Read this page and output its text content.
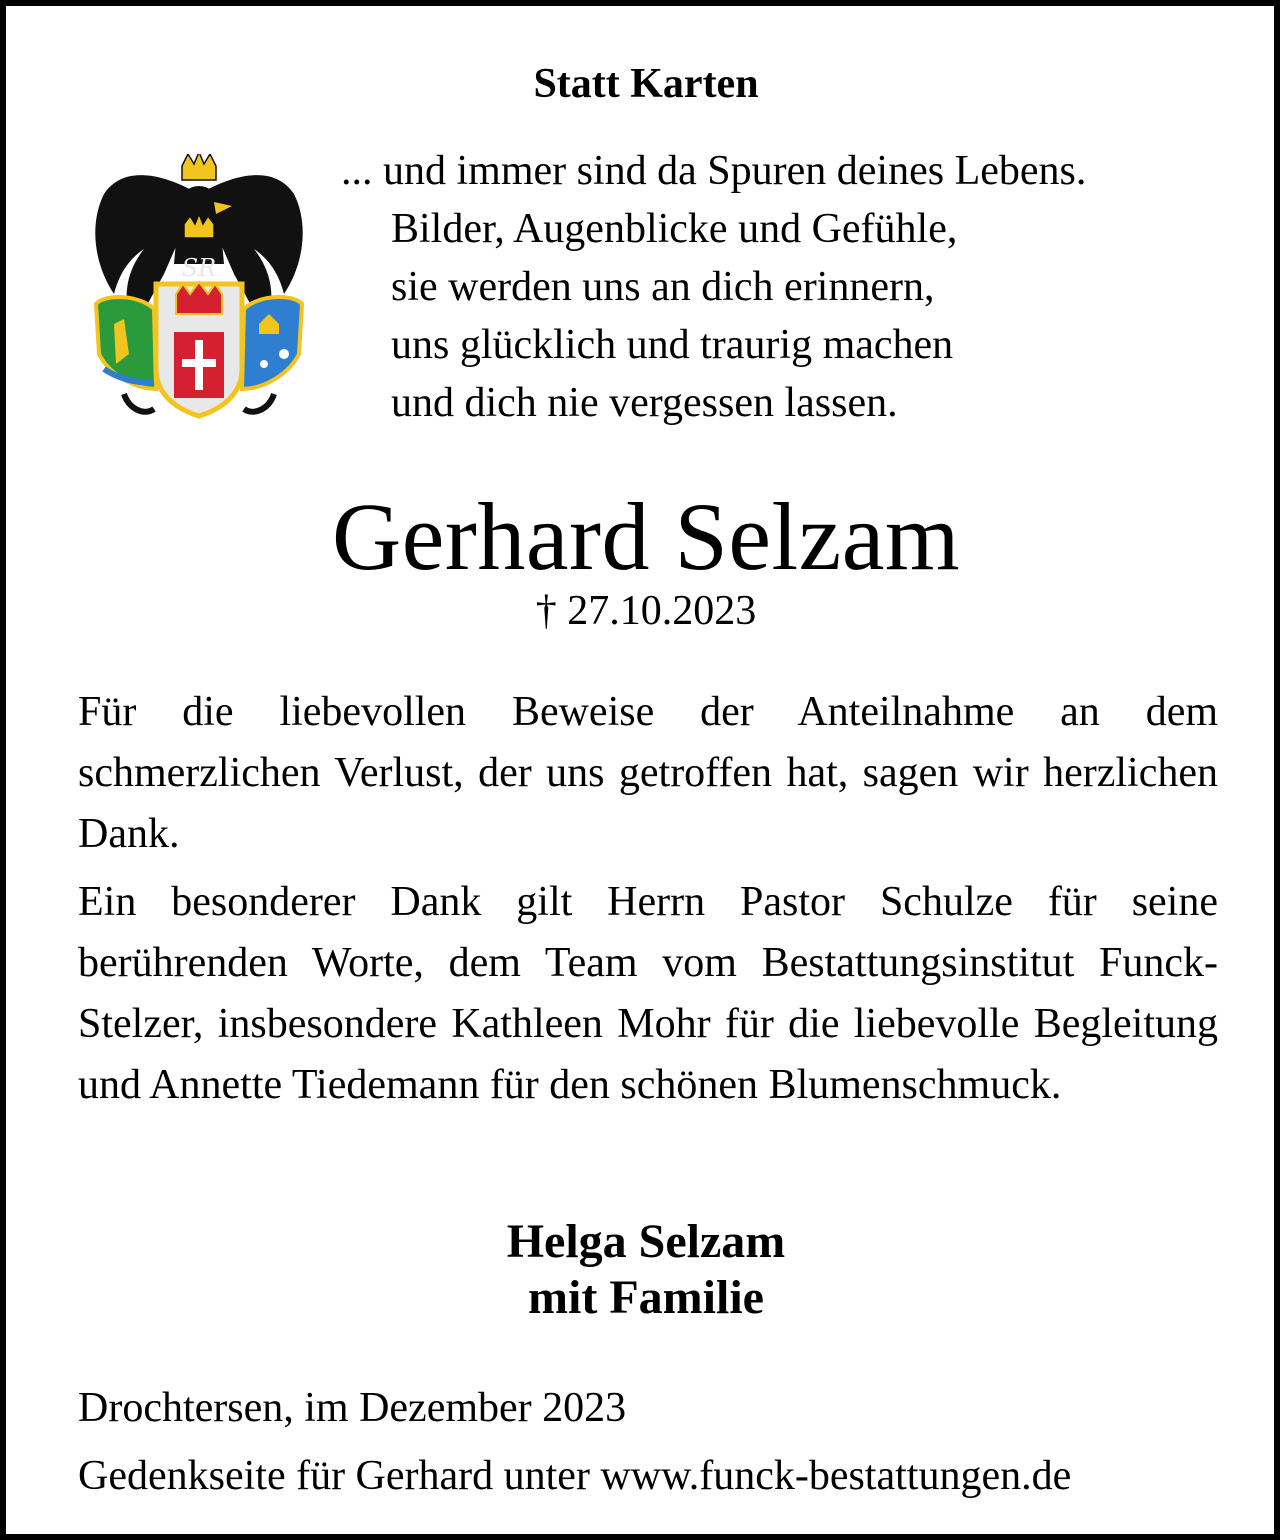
Statt Karten
SR
... und immer sind da Spuren deines Lebens.
Bilder, Augenblicke und Gefühle,
sie werden uns an dich erinnern,
uns glücklich und traurig machen
und dich nie vergessen lassen.
Gerhard Selzam
† 27.10.2023
Für die liebevollen Beweise der Anteilnahme an dem schmerzlichen Verlust, der uns getroffen hat, sagen wir herzlichen Dank.
Ein besonderer Dank gilt Herrn Pastor Schulze für seine berührenden Worte, dem Team vom Bestattungsinstitut Funck-Stelzer, insbesondere Kathleen Mohr für die liebevolle Begleitung und Annette Tiedemann für den schönen Blumenschmuck.
Helga Selzam
mit Familie
Drochtersen, im Dezember 2023
Gedenkseite für Gerhard unter www.funck-bestattungen.de
